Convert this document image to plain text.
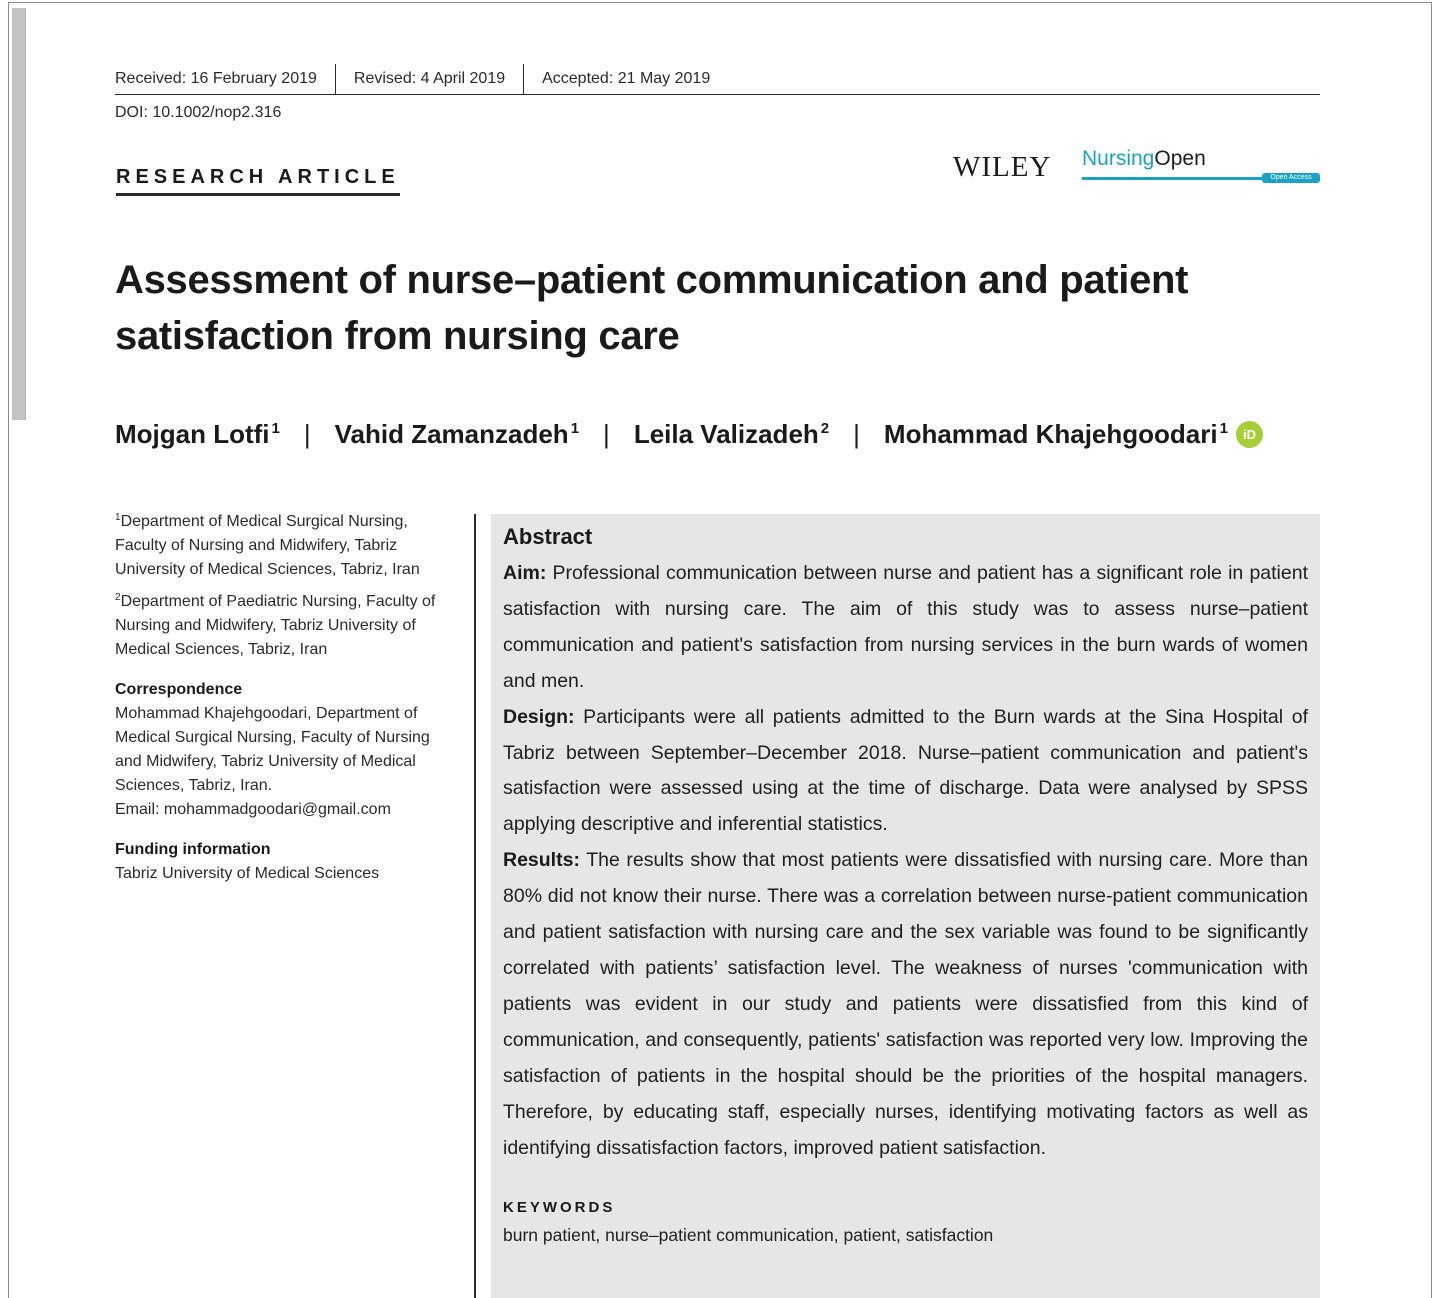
Received: 16 February 2019 Revised: 4 April 2019 Accepted: 21 May 2019
DOI: 10.1002/nop2.316
RESEARCH ARTICLE	WILEY NursingOpen
Open Access
Assessment of nurse–patient communication and patient satisfaction from nursing care
Mojgan Lotfi $^1$ | Vahid Zamanzadeh $^1$ | Leila Valizadeh $^2$ | Mohammad Khajehgoodari $^1$	iD

$^1$Department of Medical Surgical Nursing, Faculty of Nursing and Midwifery, Tabriz University of Medical Sciences, Tabriz, Iran

$^2$Department of Paediatric Nursing, Faculty of Nursing and Midwifery, Tabriz University of Medical Sciences, Tabriz, Iran

Correspondence

Mohammad Khajehgoodari, Department of Medical Surgical Nursing, Faculty of Nursing and Midwifery, Tabriz University of Medical Sciences, Tabriz, Iran.

Email: mohammadgoodari@gmail.com

Funding information

Tabriz University of Medical Sciences

Abstract

Aim: Professional communication between nurse and patient has a significant role in patient satisfaction with nursing care. The aim of this study was to assess nurse–patient communication and patient's satisfaction from nursing services in the burn wards of women and men.

Design: Participants were all patients admitted to the Burn wards at the Sina Hospital of Tabriz between September–December 2018. Nurse–patient communication and patient's satisfaction were assessed using at the time of discharge. Data were analysed by SPSS applying descriptive and inferential statistics.

Results: The results show that most patients were dissatisfied with nursing care. More than 80% did not know their nurse. There was a correlation between nurse-patient communication and patient satisfaction with nursing care and the sex variable was found to be significantly correlated with patients’ satisfaction level. The weakness of nurses 'communication with patients was evident in our study and patients were dissatisfied from this kind of communication, and consequently, patients' satisfaction was reported very low. Improving the satisfaction of patients in the hospital should be the priorities of the hospital managers. Therefore, by educating staff, especially nurses, identifying motivating factors as well as identifying dissatisfaction factors, improved patient satisfaction.

KEYWORDS

burn patient, nurse–patient communication, patient, satisfaction
